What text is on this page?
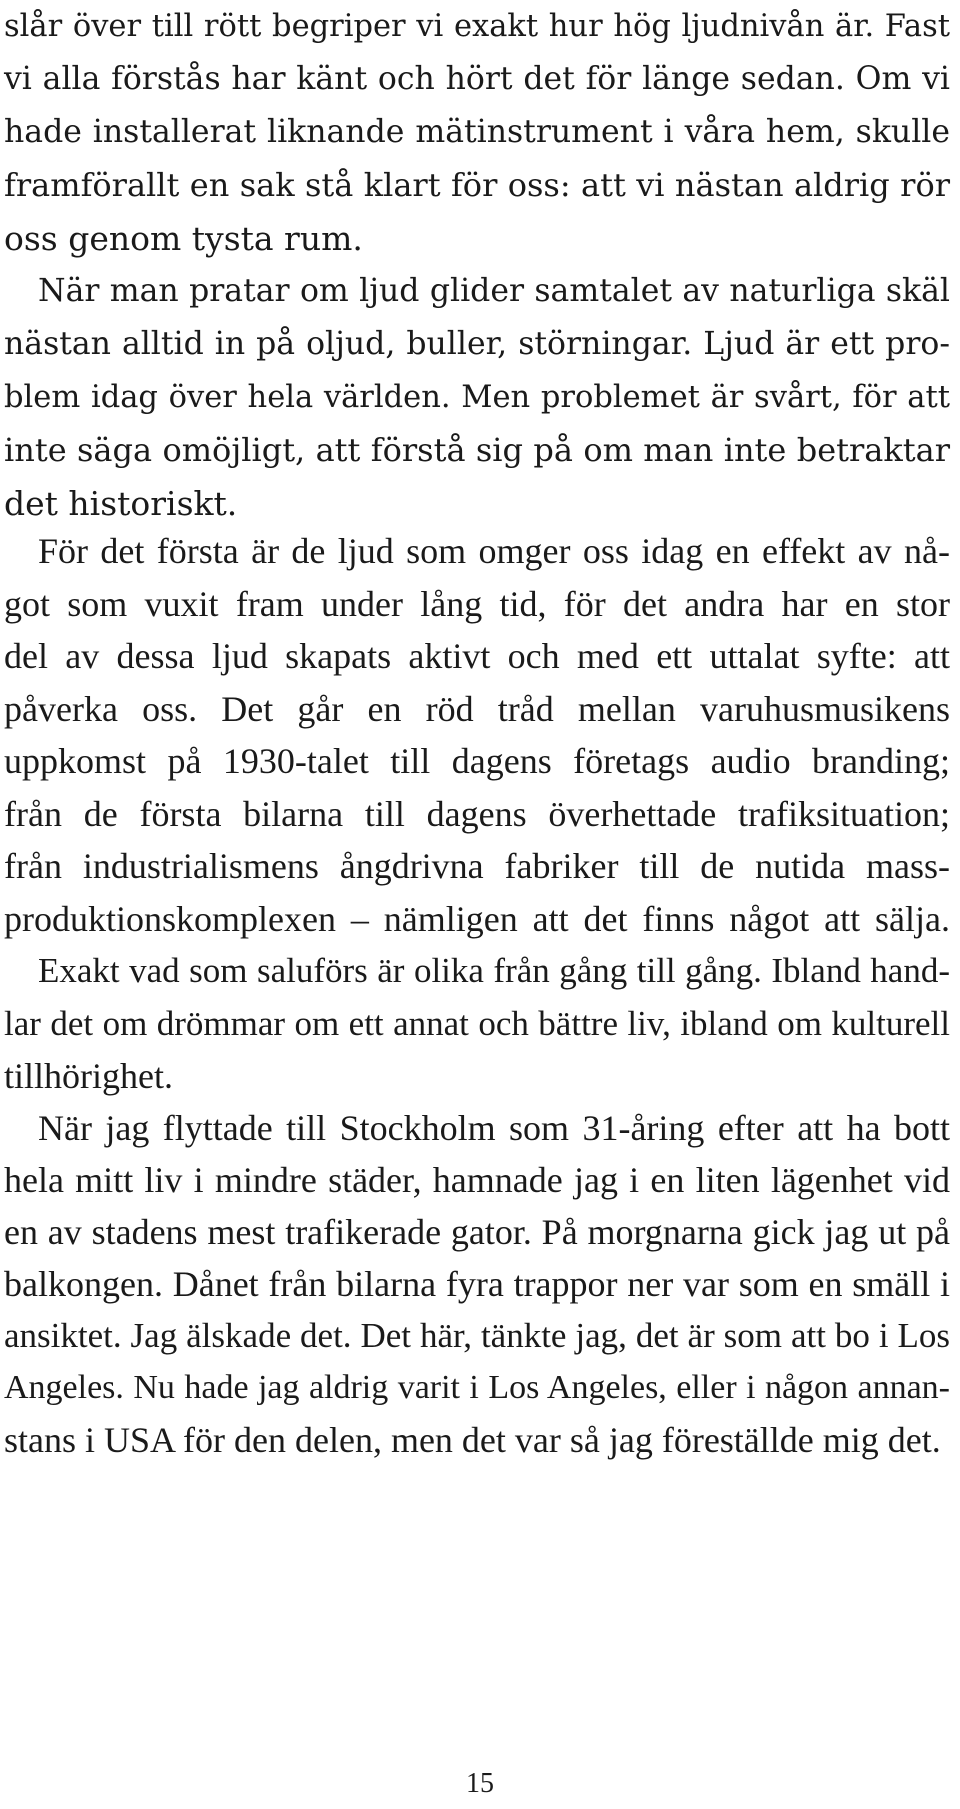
slår över till rött begriper vi exakt hur hög ljudnivån är. Fast
vi alla förstås har känt och hört det för länge sedan. Om vi
hade installerat liknande mätinstrument i våra hem, skulle
framförallt en sak stå klart för oss: att vi nästan aldrig rör
oss genom tysta rum.
När man pratar om ljud glider samtalet av naturliga skäl
nästan alltid in på oljud, buller, störningar. Ljud är ett pro-
blem idag över hela världen. Men problemet är svårt, för att
inte säga omöjligt, att förstå sig på om man inte betraktar
det historiskt.
För det första är de ljud som omger oss idag en effekt av nå-
got som vuxit fram under lång tid, för det andra har en stor
del av dessa ljud skapats aktivt och med ett uttalat syfte: att
påverka oss. Det går en röd tråd mellan varuhusmusikens
uppkomst på 1930-talet till dagens företags audio branding;
från de första bilarna till dagens överhettade trafiksituation;
från industrialismens ångdrivna fabriker till de nutida mass-
produktionskomplexen – nämligen att det finns något att sälja.
Exakt vad som saluförs är olika från gång till gång. Ibland hand-
lar det om drömmar om ett annat och bättre liv, ibland om kulturell
tillhörighet.
När jag flyttade till Stockholm som 31-åring efter att ha bott
hela mitt liv i mindre städer, hamnade jag i en liten lägenhet vid
en av stadens mest trafikerade gator. På morgnarna gick jag ut på
balkongen. Dånet från bilarna fyra trappor ner var som en smäll i
ansiktet. Jag älskade det. Det här, tänkte jag, det är som att bo i Los
Angeles. Nu hade jag aldrig varit i Los Angeles, eller i någon annan-
stans i USA för den delen, men det var så jag föreställde mig det.
15
